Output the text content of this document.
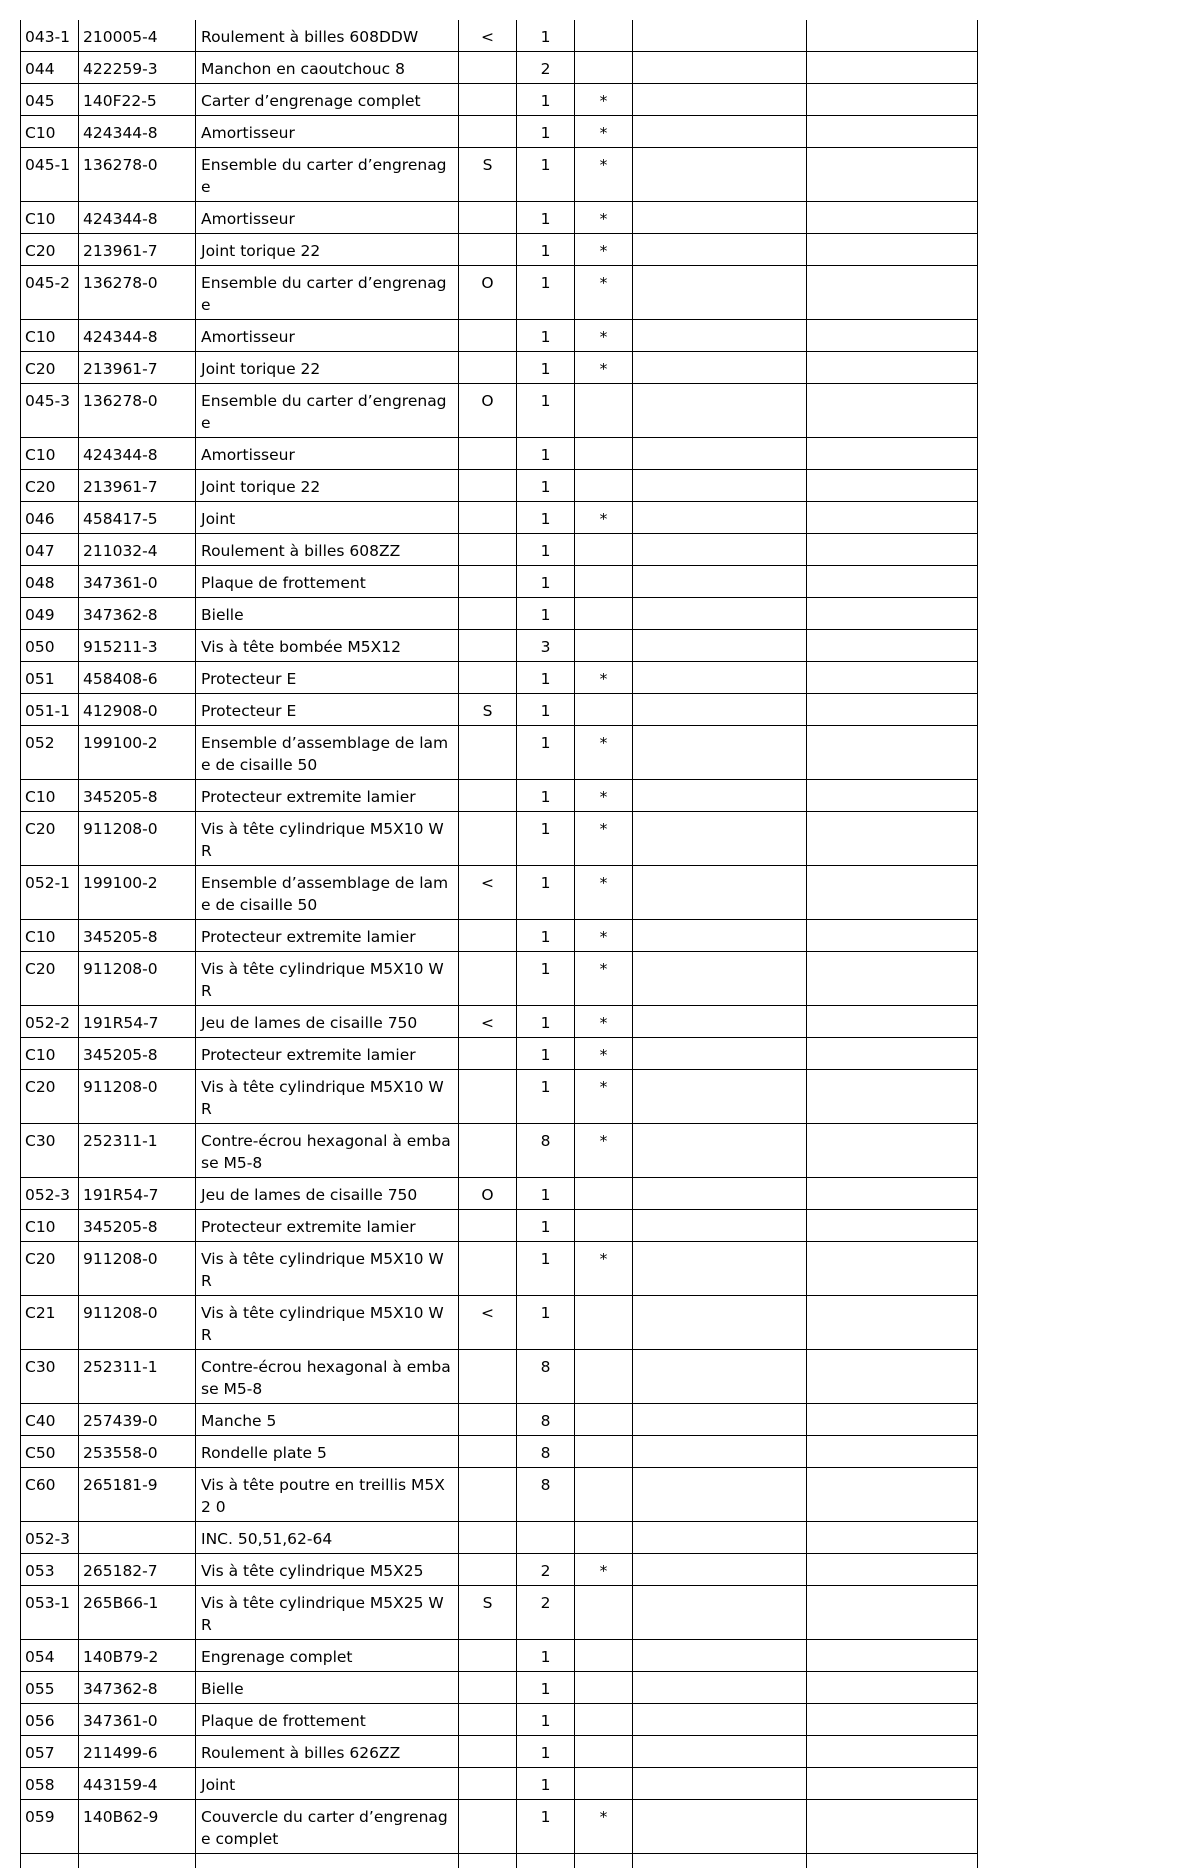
043-1	210005-4	Roulement à billes 608DDW	<	1			
044	422259-3	Manchon en caoutchouc 8		2			
045	140F22-5	Carter d’engrenage complet		1	*		
C10	424344-8	Amortisseur		1	*		
045-1	136278-0	Ensemble du carter d’engrenage	S	1	*		
C10	424344-8	Amortisseur		1	*		
C20	213961-7	Joint torique 22		1	*		
045-2	136278-0	Ensemble du carter d’engrenage	O	1	*		
C10	424344-8	Amortisseur		1	*		
C20	213961-7	Joint torique 22		1	*		
045-3	136278-0	Ensemble du carter d’engrenage	O	1			
C10	424344-8	Amortisseur		1			
C20	213961-7	Joint torique 22		1			
046	458417-5	Joint		1	*		
047	211032-4	Roulement à billes 608ZZ		1			
048	347361-0	Plaque de frottement		1			
049	347362-8	Bielle		1			
050	915211-3	Vis à tête bombée M5X12		3			
051	458408-6	Protecteur E		1	*		
051-1	412908-0	Protecteur E	S	1			
052	199100-2	Ensemble d’assemblage de lame de cisaille 50		1	*		
C10	345205-8	Protecteur extremite lamier		1	*		
C20	911208-0	Vis à tête cylindrique M5X10 WR		1	*		
052-1	199100-2	Ensemble d’assemblage de lame de cisaille 50	<	1	*		
C10	345205-8	Protecteur extremite lamier		1	*		
C20	911208-0	Vis à tête cylindrique M5X10 WR		1	*		
052-2	191R54-7	Jeu de lames de cisaille 750	<	1	*		
C10	345205-8	Protecteur extremite lamier		1	*		
C20	911208-0	Vis à tête cylindrique M5X10 WR		1	*		
C30	252311-1	Contre-écrou hexagonal à emba se M5-8		8	*		
052-3	191R54-7	Jeu de lames de cisaille 750	O	1			
C10	345205-8	Protecteur extremite lamier		1			
C20	911208-0	Vis à tête cylindrique M5X10 WR		1	*		
C21	911208-0	Vis à tête cylindrique M5X10 WR	<	1			
C30	252311-1	Contre-écrou hexagonal à emba se M5-8		8			
C40	257439-0	Manche 5		8			
C50	253558-0	Rondelle plate 5		8			
C60	265181-9	Vis à tête poutre en treillis M5X2 0		8			
052-3		INC. 50,51,62-64					
053	265182-7	Vis à tête cylindrique M5X25		2	*		
053-1	265B66-1	Vis à tête cylindrique M5X25 WR	S	2			
054	140B79-2	Engrenage complet		1			
055	347362-8	Bielle		1			
056	347361-0	Plaque de frottement		1			
057	211499-6	Roulement à billes 626ZZ		1			
058	443159-4	Joint		1			
059	140B62-9	Couvercle du carter d’engrenage complet		1	*		
